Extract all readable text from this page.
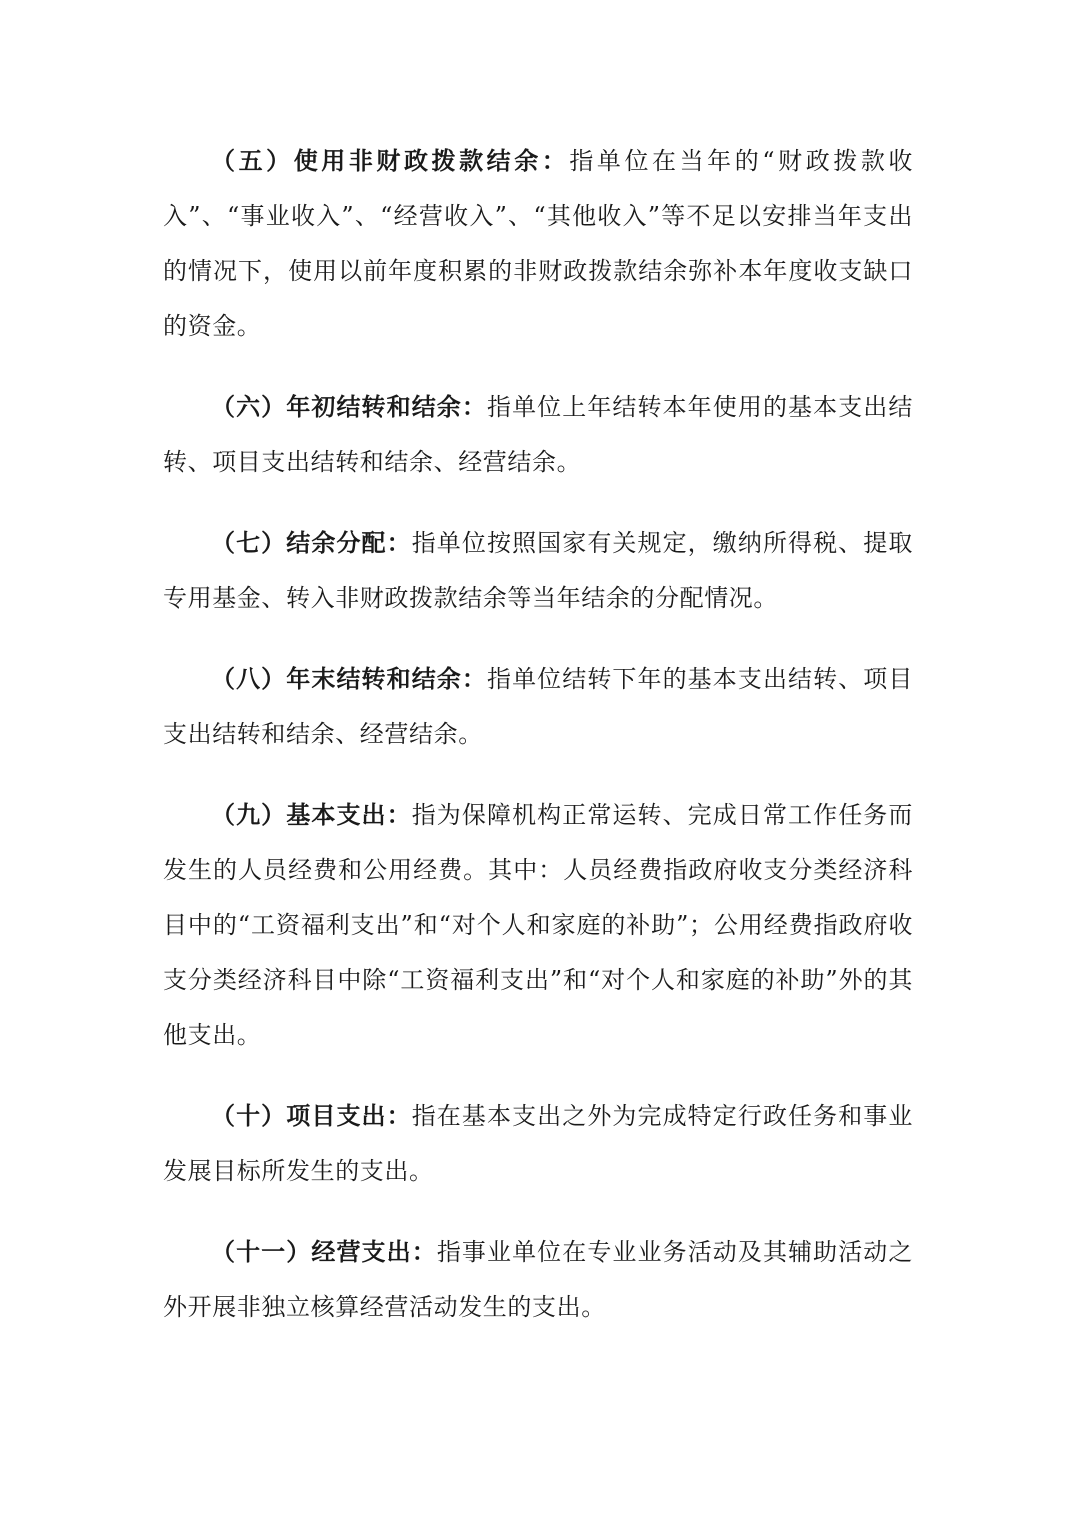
（五）使用非财政拨款结余：指单位在当年的“财政拨款收入”、“事业收入”、“经营收入”、“其他收入”等不足以安排当年支出的情况下，使用以前年度积累的非财政拨款结余弥补本年度收支缺口的资金。

（六）年初结转和结余：指单位上年结转本年使用的基本支出结转、项目支出结转和结余、经营结余。

（七）结余分配：指单位按照国家有关规定，缴纳所得税、提取专用基金、转入非财政拨款结余等当年结余的分配情况。

（八）年末结转和结余：指单位结转下年的基本支出结转、项目支出结转和结余、经营结余。

（九）基本支出：指为保障机构正常运转、完成日常工作任务而发生的人员经费和公用经费。其中：人员经费指政府收支分类经济科目中的“工资福利支出”和“对个人和家庭的补助”；公用经费指政府收支分类经济科目中除“工资福利支出”和“对个人和家庭的补助”外的其他支出。

（十）项目支出：指在基本支出之外为完成特定行政任务和事业发展目标所发生的支出。

（十一）经营支出：指事业单位在专业业务活动及其辅助活动之外开展非独立核算经营活动发生的支出。
